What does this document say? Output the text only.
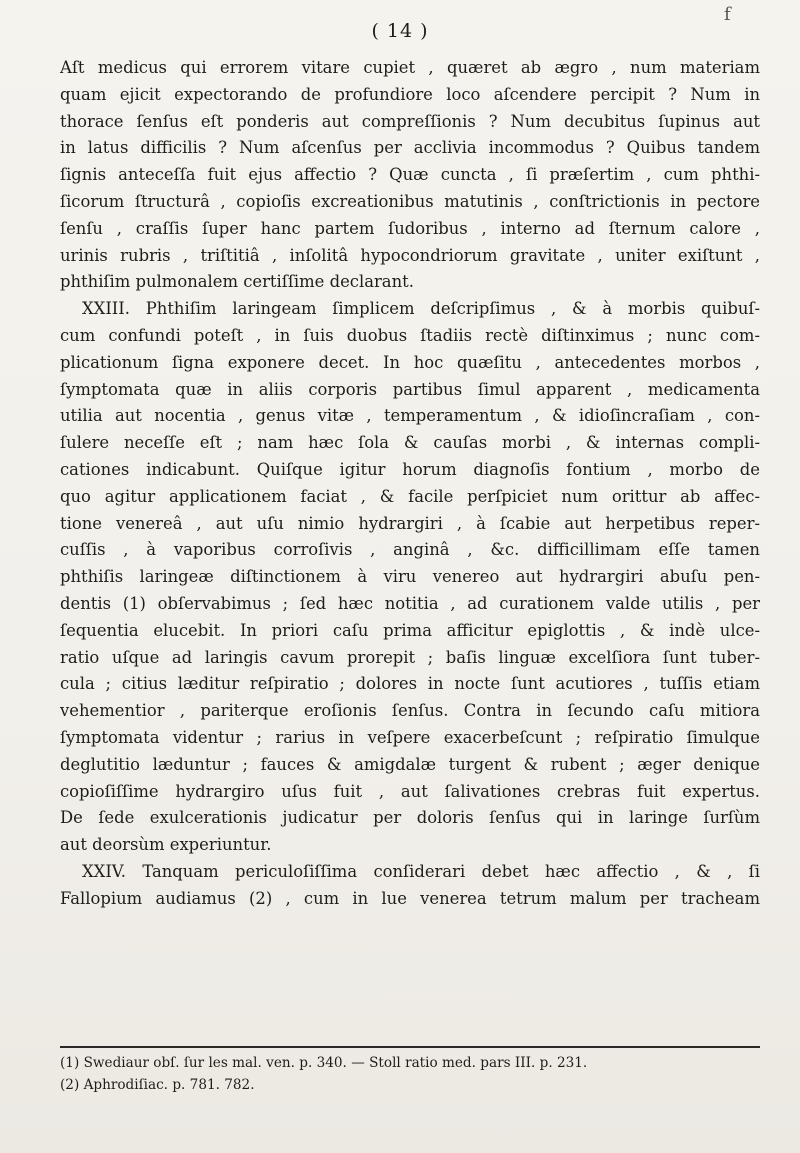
f
( 14 )
Aſt medicus qui errorem vitare cupiet , quæret ab ægro , num materiam
quam ejicit expectorando de profundiore loco aſcendere percipit ? Num in
thorace ſenſus eſt ponderis aut compreſſionis ? Num decubitus ſupinus aut
in latus difficilis ? Num aſcenſus per acclivia incommodus ? Quibus tandem
ſignis anteceſſa fuit ejus affectio ? Quæ cuncta , ſi præſertim , cum phthi-
ſicorum ſtructurâ , copioſis excreationibus matutinis , conſtrictionis in pectore
ſenſu , craſſis ſuper hanc partem ſudoribus , interno ad ſternum calore ,
urinis rubris , triſtitiâ , inſolitâ hypocondriorum gravitate , uniter exiſtunt ,
phthiſim pulmonalem certiſſime declarant.
XXIII. Phthiſim laringeam ſimplicem deſcripſimus , & à morbis quibuſ-
cum confundi poteſt , in ſuis duobus ſtadiis rectè diſtinximus ; nunc com-
plicationum ſigna exponere decet. In hoc quæſitu , antecedentes morbos ,
ſymptomata quæ in aliis corporis partibus ſimul apparent , medicamenta
utilia aut nocentia , genus vitæ , temperamentum , & idioſincraſiam , con-
ſulere neceſſe eſt ; nam hæc ſola & cauſas morbi , & internas compli-
cationes indicabunt. Quiſque igitur horum diagnoſis fontium , morbo de
quo agitur applicationem faciat , & facile perſpiciet num orittur ab affec-
tione venereâ , aut uſu nimio hydrargiri , à ſcabie aut herpetibus reper-
cuſſis , à vaporibus corroſivis , anginâ , &c. difficillimam eſſe tamen
phthiſis laringeæ diſtinctionem à viru venereo aut hydrargiri abuſu pen-
dentis (1) obſervabimus ; ſed hæc notitia , ad curationem valde utilis , per
ſequentia elucebit. In priori caſu prima afficitur epiglottis , & indè ulce-
ratio uſque ad laringis cavum prorepit ; baſis linguæ excelſiora ſunt tuber-
cula ; citius læditur reſpiratio ; dolores in nocte ſunt acutiores , tuſſis etiam
vehementior , pariterque eroſionis ſenſus. Contra in ſecundo caſu mitiora
ſymptomata videntur ; rarius in veſpere exacerbeſcunt ; reſpiratio ſimulque
deglutitio læduntur ; fauces & amigdalæ turgent & rubent ; æger denique
copioſiſſime hydrargiro uſus fuit , aut ſalivationes crebras fuit expertus.
De ſede exulcerationis judicatur per doloris ſenſus qui in laringe ſurſùm
aut deorsùm experiuntur.
XXIV. Tanquam periculoſiſſima conſiderari debet hæc affectio , & , ſi
Fallopium audiamus (2) , cum in lue venerea tetrum malum per tracheam
(1) Swediaur obſ. ſur les mal. ven. p. 340. — Stoll ratio med. pars III. p. 231.
(2) Aphrodiſiac. p. 781. 782.
